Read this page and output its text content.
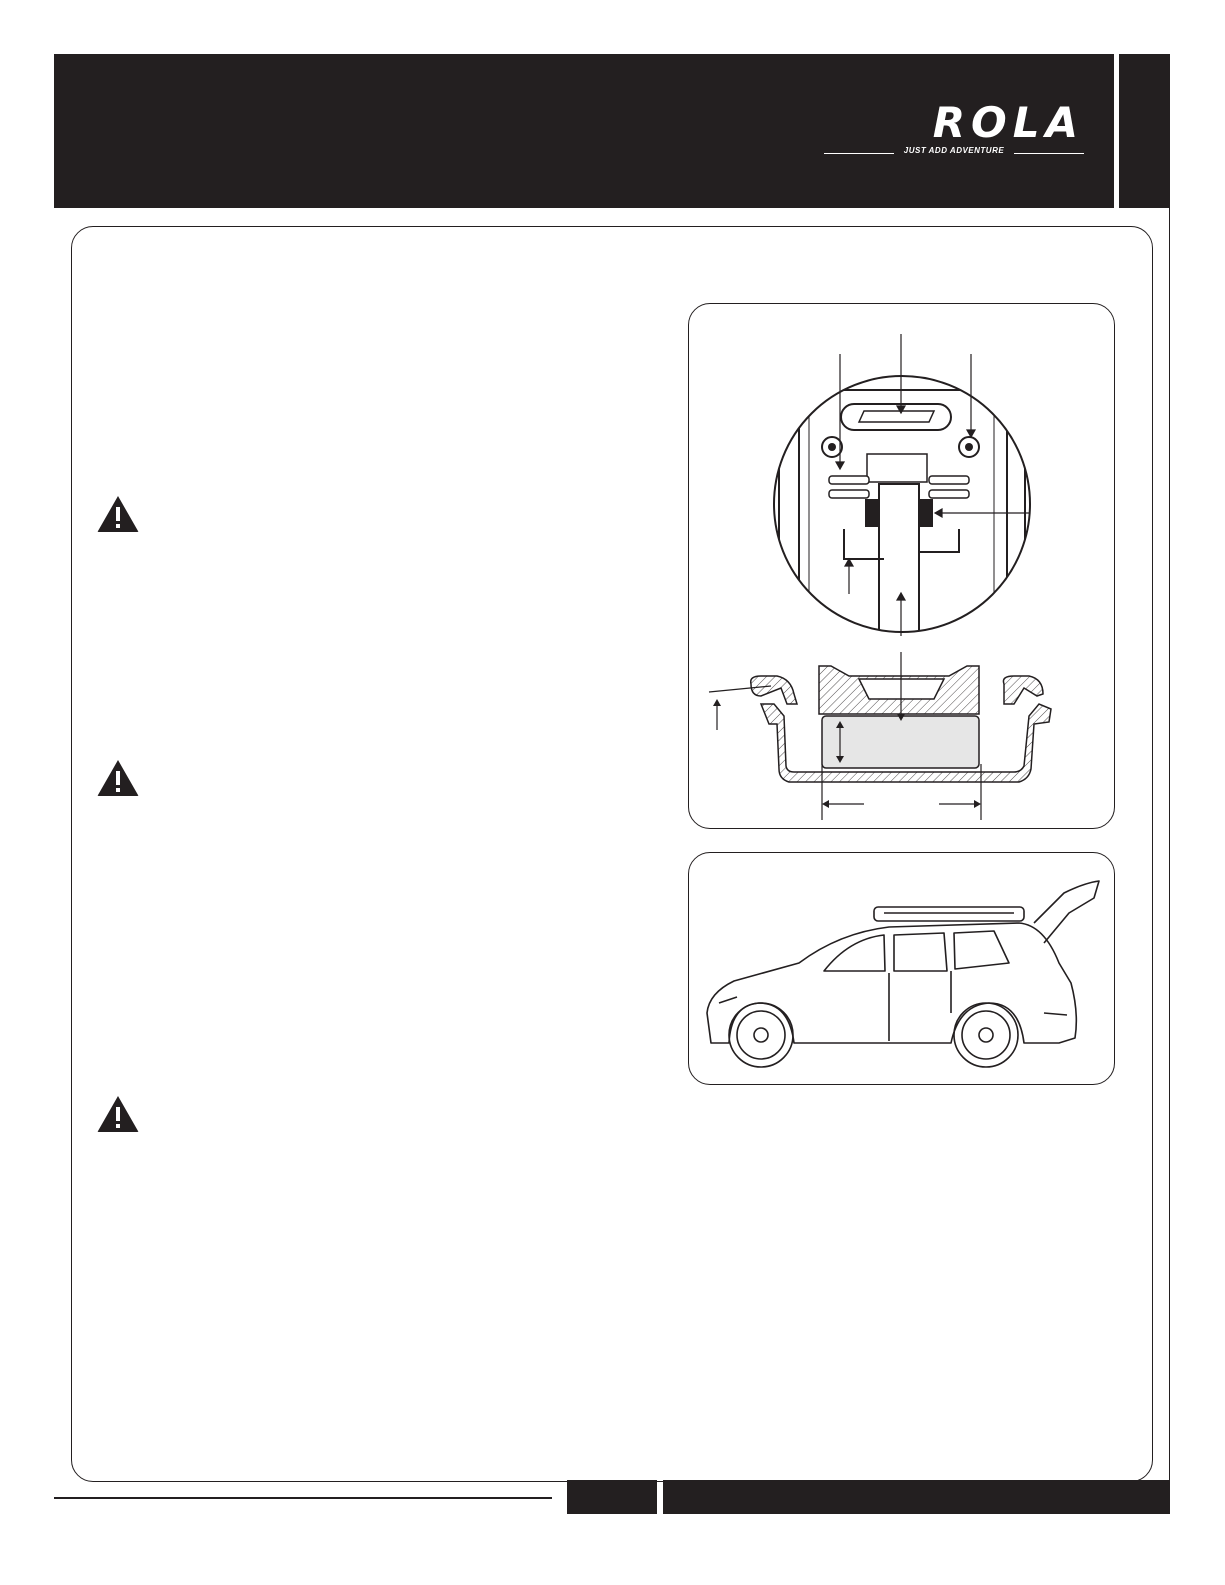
ROLA
JUST ADD ADVENTURE
